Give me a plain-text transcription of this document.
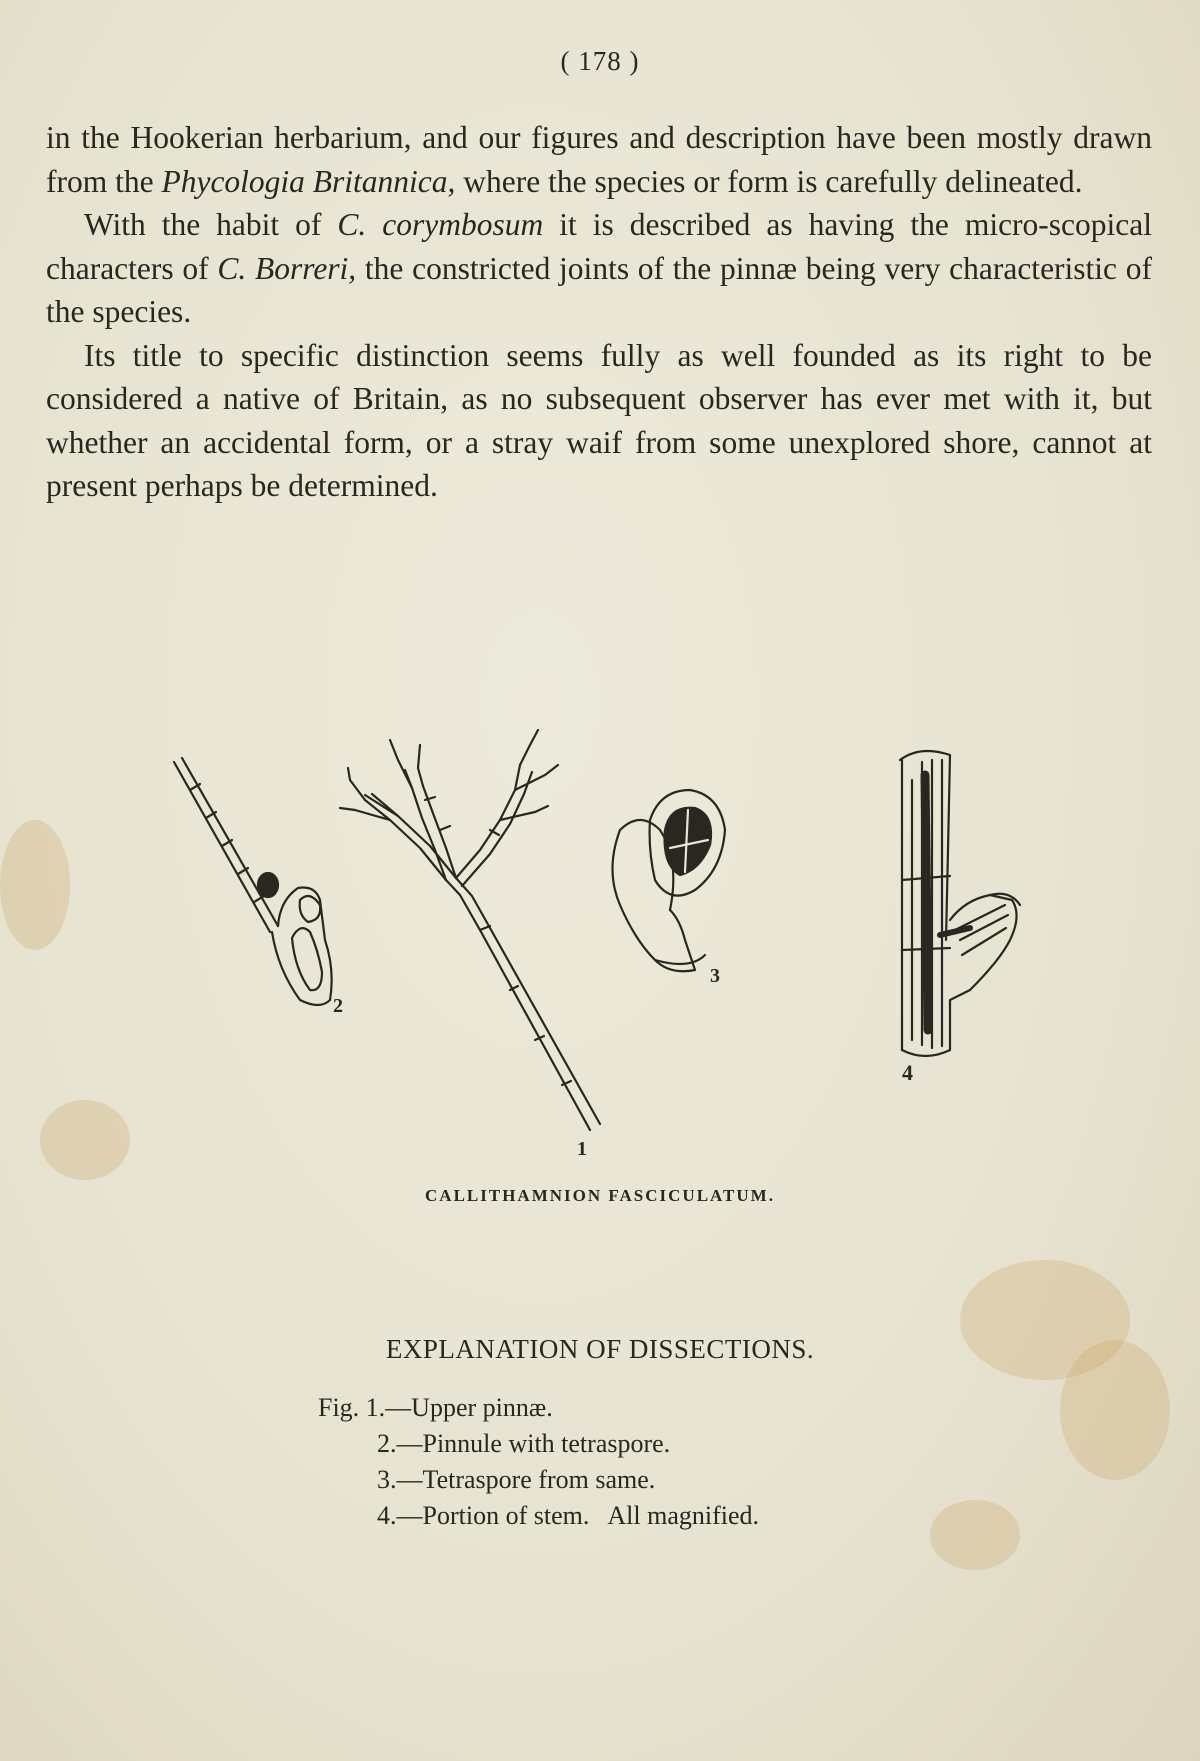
( 178 )

in the Hookerian herbarium, and our figures and description have been mostly drawn from the Phycologia Britannica, where the species or form is carefully delineated.

With the habit of C. corymbosum it is described as having the micro-scopical characters of C. Borreri, the constricted joints of the pinnæ being very characteristic of the species.

Its title to specific distinction seems fully as well founded as its right to be considered a native of Britain, as no subsequent observer has ever met with it, but whether an accidental form, or a stray waif from some unexplored shore, cannot at present perhaps be determined.

1
2
3
4
CALLITHAMNION FASCICULATUM.
EXPLANATION OF DISSECTIONS.
Fig. 1.—Upper pinnæ.
2.—Pinnule with tetraspore.
3.—Tetraspore from same.
4.—Portion of stem.   All magnified.
